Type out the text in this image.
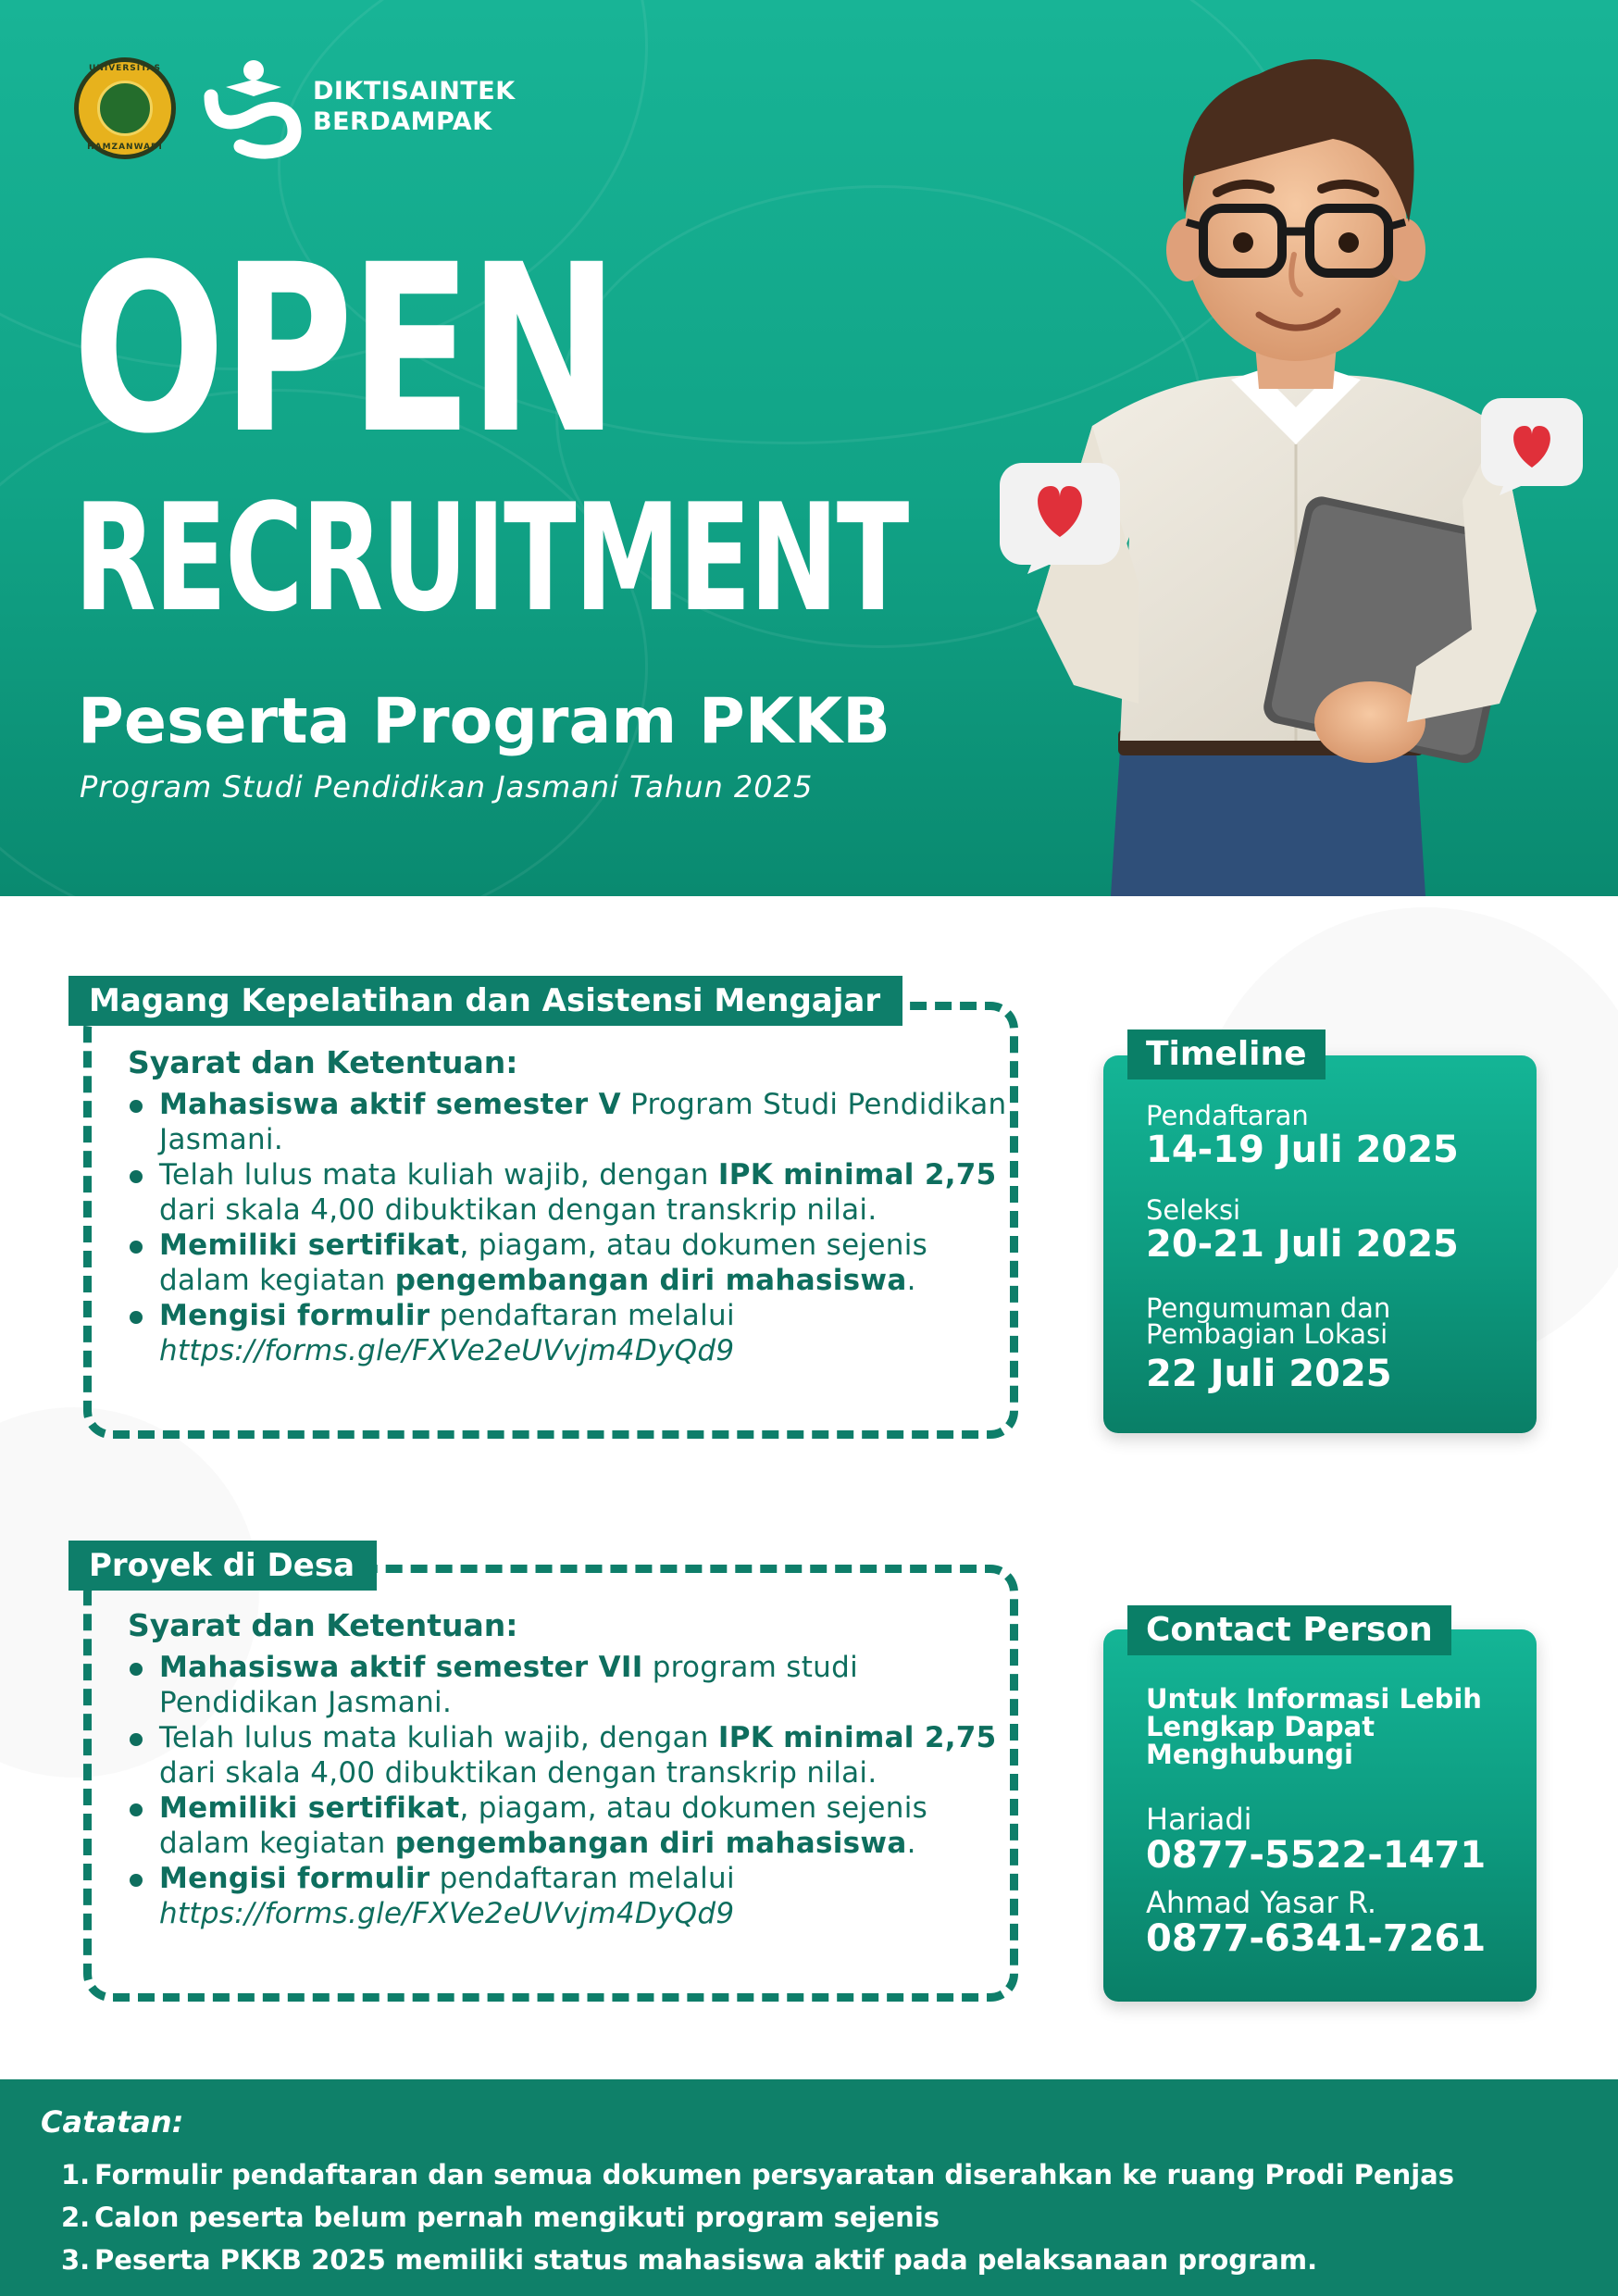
UNIVERSITAS
HAMZANWADI
DIKTISAINTEK
BERDAMPAK
OPEN
RECRUITMENT
Peserta Program PKKB
Program Studi Pendidikan Jasmani Tahun 2025
Magang Kepelatihan dan Asistensi Mengajar
Syarat dan Ketentuan:
Mahasiswa aktif semester V Program Studi Pendidikan Jasmani.
Telah lulus mata kuliah wajib, dengan IPK minimal 2,75 dari skala 4,00 dibuktikan dengan transkrip nilai.
Memiliki sertifikat, piagam, atau dokumen sejenis dalam kegiatan pengembangan diri mahasiswa.
Mengisi formulir pendaftaran melalui
https://forms.gle/FXVe2eUVvjm4DyQd9
Proyek di Desa
Syarat dan Ketentuan:
Mahasiswa aktif semester VII program studi Pendidikan Jasmani.
Telah lulus mata kuliah wajib, dengan IPK minimal 2,75 dari skala 4,00 dibuktikan dengan transkrip nilai.
Memiliki sertifikat, piagam, atau dokumen sejenis dalam kegiatan pengembangan diri mahasiswa.
Mengisi formulir pendaftaran melalui
https://forms.gle/FXVe2eUVvjm4DyQd9
Pendaftaran
14-19 Juli 2025
Seleksi
20-21 Juli 2025
Pengumuman dan
Pembagian Lokasi
22 Juli 2025
Timeline
Untuk Informasi Lebih
Lengkap Dapat
Menghubungi
Hariadi
0877-5522-1471
Ahmad Yasar R.
0877-6341-7261
Contact Person
Catatan:
1. Formulir pendaftaran dan semua dokumen persyaratan diserahkan ke ruang Prodi Penjas
2. Calon peserta belum pernah mengikuti program sejenis
3. Peserta PKKB 2025 memiliki status mahasiswa aktif pada pelaksanaan program.
